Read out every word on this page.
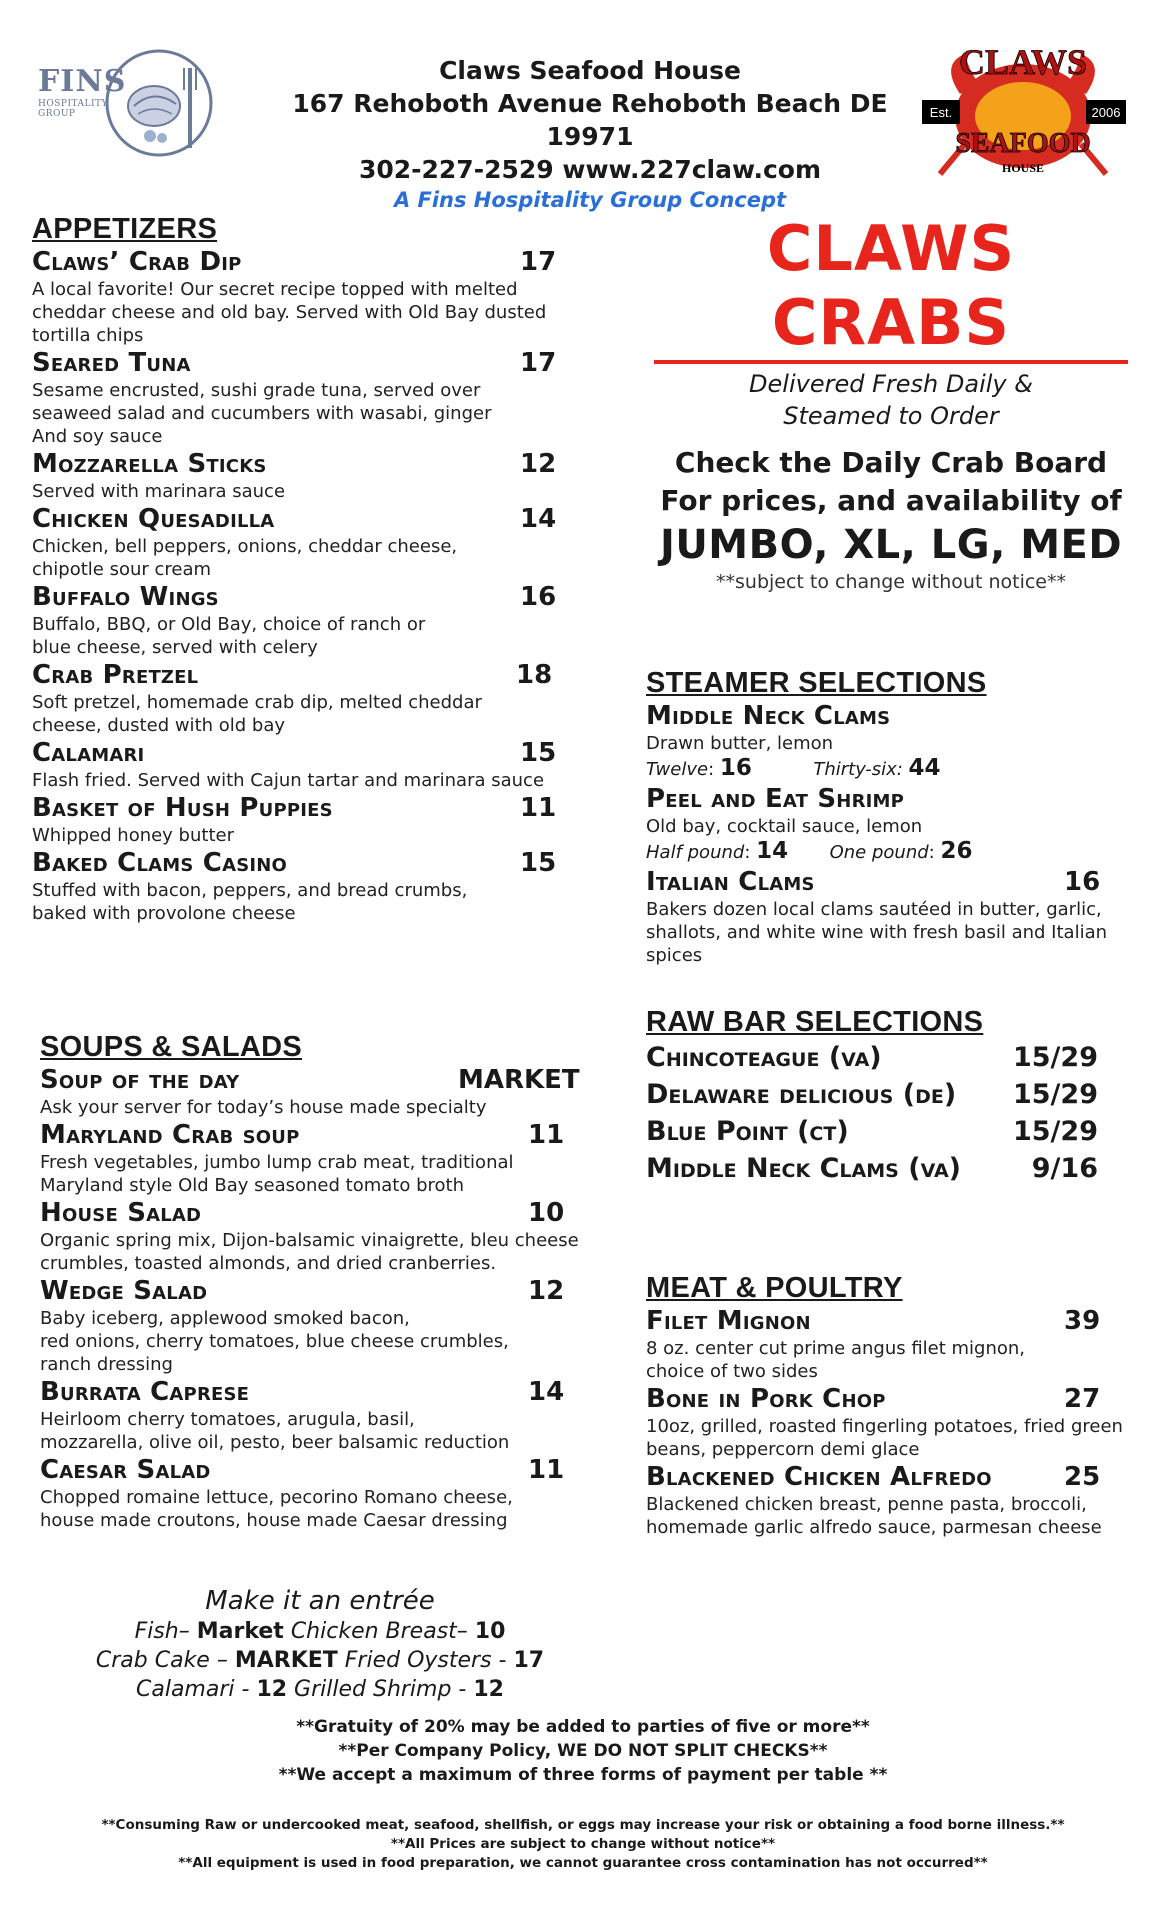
FINS
HOSPITALITY
GROUP
Claws Seafood House
167 Rehoboth Avenue Rehoboth Beach DE 19971
302-227-2529 www.227claw.com
A Fins Hospitality Group Concept
CLAWS
SEAFOOD
HOUSE
Est.	2006
APPETIZERS
Claws’ Crab Dip	17
A local favorite! Our secret recipe topped with melted
cheddar cheese and old bay. Served with Old Bay dusted
tortilla chips
Seared Tuna	17
Sesame encrusted, sushi grade tuna, served over
seaweed salad and cucumbers with wasabi, ginger
And soy sauce
Mozzarella Sticks	12
Served with marinara sauce
Chicken Quesadilla	14
Chicken, bell peppers, onions, cheddar cheese,
chipotle sour cream
Buffalo Wings	16
Buffalo, BBQ, or Old Bay, choice of ranch or
blue cheese, served with celery
Crab Pretzel	18
Soft pretzel, homemade crab dip, melted cheddar
cheese, dusted with old bay
Calamari	15
Flash fried. Served with Cajun tartar and marinara sauce
Basket of Hush Puppies	11
Whipped honey butter
Baked Clams Casino	15
Stuffed with bacon, peppers, and bread crumbs,
baked with provolone cheese
SOUPS & SALADS
Soup of the day	MARKET
Ask your server for today’s house made specialty
Maryland Crab soup	11
Fresh vegetables, jumbo lump crab meat, traditional
Maryland style Old Bay seasoned tomato broth
House Salad	10
Organic spring mix, Dijon-balsamic vinaigrette, bleu cheese
crumbles, toasted almonds, and dried cranberries.
Wedge Salad	12
Baby iceberg, applewood smoked bacon,
red onions, cherry tomatoes, blue cheese crumbles,
ranch dressing
Burrata Caprese	14
Heirloom cherry tomatoes, arugula, basil,
mozzarella, olive oil, pesto, beer balsamic reduction
Caesar Salad	11
Chopped romaine lettuce, pecorino Romano cheese,
house made croutons, house made Caesar dressing
Make it an entrée
Fish– Market Chicken Breast– 10
Crab Cake – MARKET Fried Oysters - 17
Calamari - 12 Grilled Shrimp - 12
CLAWS CRABS
Delivered Fresh Daily &
Steamed to Order
Check the Daily Crab Board
For prices, and availability of
JUMBO, XL, LG, MED
**subject to change without notice**
STEAMER SELECTIONS
Middle Neck Clams
Drawn butter, lemon
Twelve: 16	Thirty-six: 44
Peel and Eat Shrimp
Old bay, cocktail sauce, lemon
Half pound: 14 One pound: 26
Italian Clams	16
Bakers dozen local clams sautéed in butter, garlic,
shallots, and white wine with fresh basil and Italian
spices
RAW BAR SELECTIONS
Chincoteague (va)	15/29
Delaware delicious (de) 15/29
Blue Point (ct)	15/29
Middle Neck Clams (va)	9/16
MEAT & POULTRY
Filet Mignon	39
8 oz. center cut prime angus filet mignon,
choice of two sides
Bone in Pork Chop	27
10oz, grilled, roasted fingerling potatoes, fried green
beans, peppercorn demi glace
Blackened Chicken Alfredo	25
Blackened chicken breast, penne pasta, broccoli,
homemade garlic alfredo sauce, parmesan cheese
**Gratuity of 20% may be added to parties of five or more**
**Per Company Policy, WE DO NOT SPLIT CHECKS**
**We accept a maximum of three forms of payment per table **
**Consuming Raw or undercooked meat, seafood, shellfish, or eggs may increase your risk or obtaining a food borne illness.**
**All Prices are subject to change without notice**
**All equipment is used in food preparation, we cannot guarantee cross contamination has not occurred**
